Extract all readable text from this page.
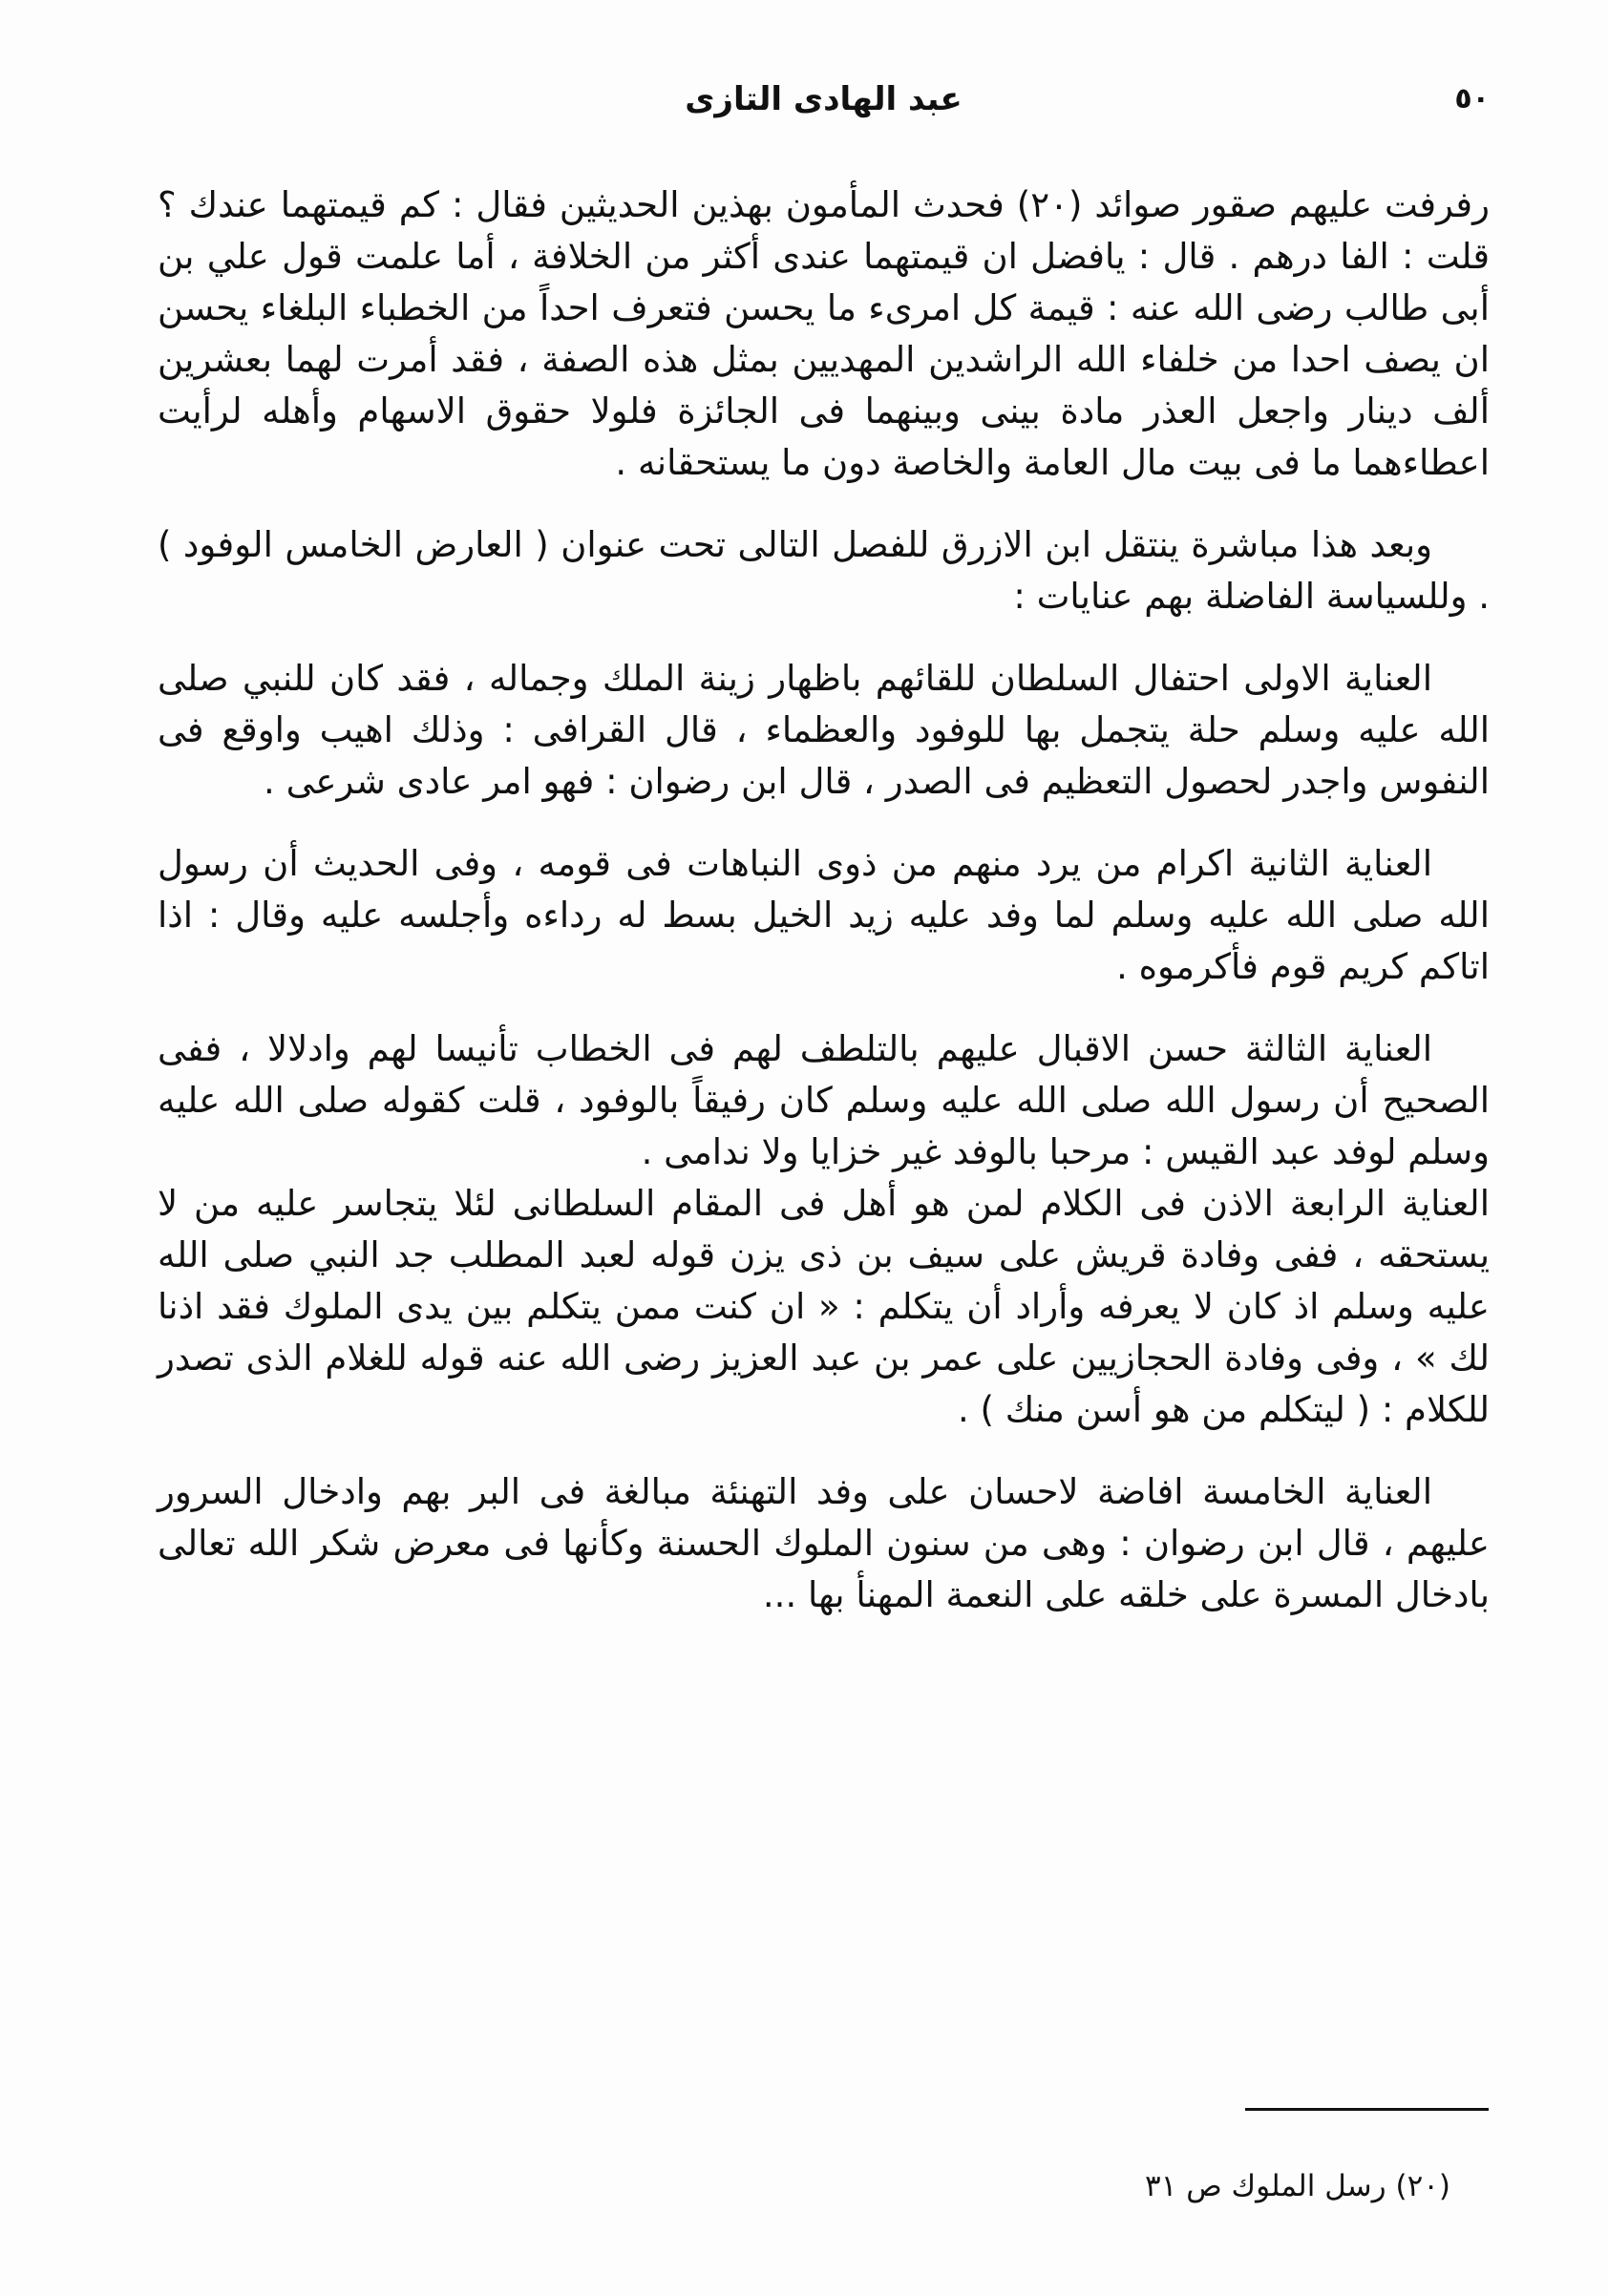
٥٠
عبد الهادى التازى

رفرفت عليهم صقور صوائد (٢٠) فحدث المأمون بهذين الحديثين فقال : كم قيمتهما عندك ؟ قلت : الفا درهم . قال : يافضل ان قيمتهما عندى أكثر من الخلافة ، أما علمت قول علي بن أبى طالب رضى الله عنه : قيمة كل امرىء ما يحسن فتعرف احداً من الخطباء البلغاء يحسن ان يصف احدا من خلفاء الله الراشدين المهديين بمثل هذه الصفة ، فقد أمرت لهما بعشرين ألف دينار واجعل العذر مادة بينى وبينهما فى الجائزة فلولا حقوق الاسهام وأهله لرأيت اعطاءهما ما فى بيت مال العامة والخاصة دون ما يستحقانه .

وبعد هذا مباشرة ينتقل ابن الازرق للفصل التالى تحت عنوان ( العارض الخامس الوفود ) . وللسياسة الفاضلة بهم عنايات :

العناية الاولى احتفال السلطان للقائهم باظهار زينة الملك وجماله ، فقد كان للنبي صلى الله عليه وسلم حلة يتجمل بها للوفود والعظماء ، قال القرافى : وذلك اهيب واوقع فى النفوس واجدر لحصول التعظيم فى الصدر ، قال ابن رضوان : فهو امر عادى شرعى .

العناية الثانية اكرام من يرد منهم من ذوى النباهات فى قومه ، وفى الحديث أن رسول الله صلى الله عليه وسلم لما وفد عليه زيد الخيل بسط له رداءه وأجلسه عليه وقال : اذا اتاكم كريم قوم فأكرموه .

العناية الثالثة حسن الاقبال عليهم بالتلطف لهم فى الخطاب تأنيسا لهم وادلالا ، ففى الصحيح أن رسول الله صلى الله عليه وسلم كان رفيقاً بالوفود ، قلت كقوله صلى الله عليه وسلم لوفد عبد القيس : مرحبا بالوفد غير خزايا ولا ندامى .

العناية الرابعة الاذن فى الكلام لمن هو أهل فى المقام السلطانى لئلا يتجاسر عليه من لا يستحقه ، ففى وفادة قريش على سيف بن ذى يزن قوله لعبد المطلب جد النبي صلى الله عليه وسلم اذ كان لا يعرفه وأراد أن يتكلم : « ان كنت ممن يتكلم بين يدى الملوك فقد اذنا لك » ، وفى وفادة الحجازيين على عمر بن عبد العزيز رضى الله عنه قوله للغلام الذى تصدر للكلام : ( ليتكلم من هو أسن منك ) .

العناية الخامسة افاضة لاحسان على وفد التهنئة مبالغة فى البر بهم وادخال السرور عليهم ، قال ابن رضوان : وهى من سنون الملوك الحسنة وكأنها فى معرض شكر الله تعالى بادخال المسرة على خلقه على النعمة المهنأ بها ...

(٢٠) رسل الملوك ص ٣١
